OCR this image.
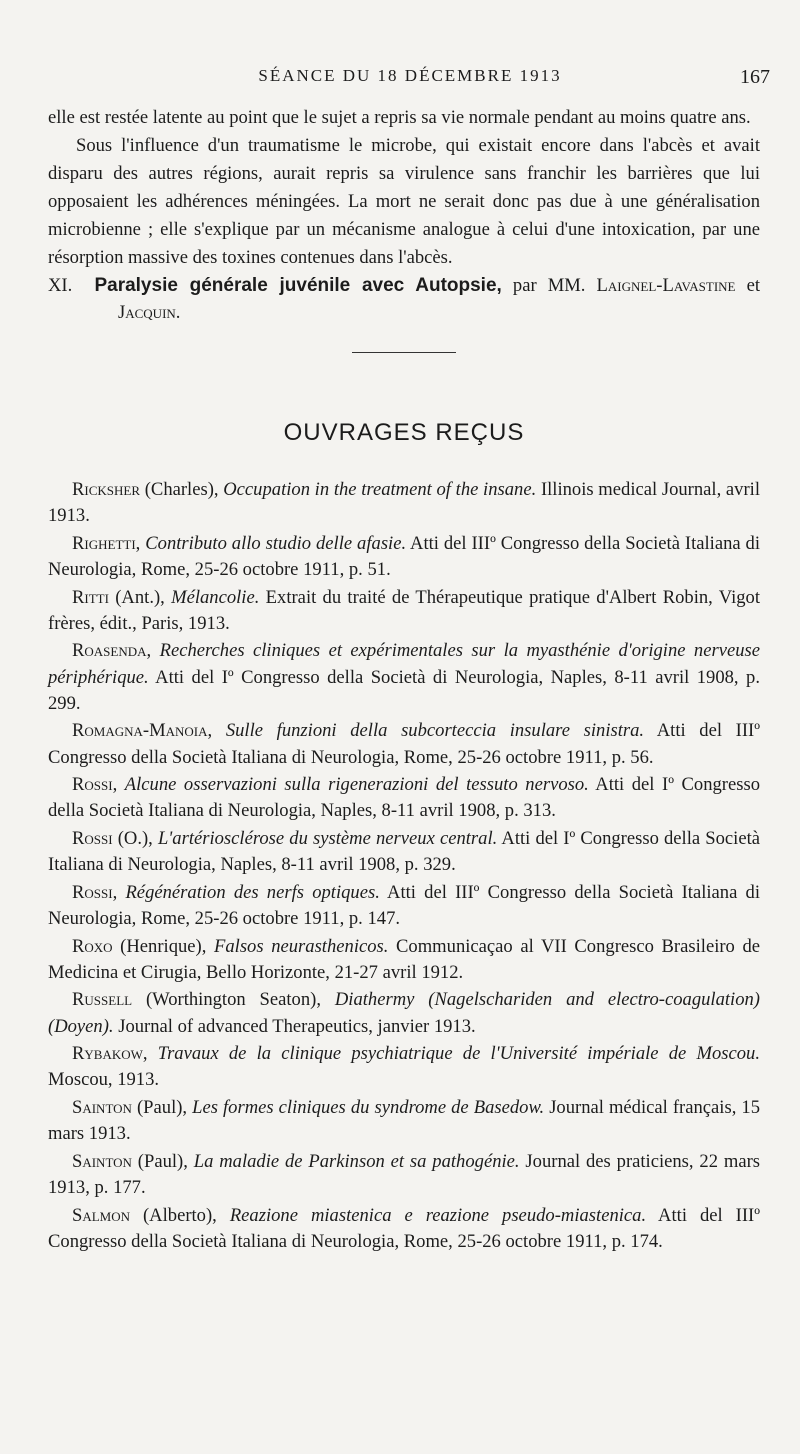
SÉANCE DU 18 DÉCEMBRE 1913	167

elle est restée latente au point que le sujet a repris sa vie normale pendant au moins quatre ans.

Sous l'influence d'un traumatisme le microbe, qui existait encore dans l'abcès et avait disparu des autres régions, aurait repris sa virulence sans franchir les barrières que lui opposaient les adhérences méningées. La mort ne serait donc pas due à une généralisation microbienne ; elle s'explique par un mécanisme analogue à celui d'une intoxication, par une résorption massive des toxines contenues dans l'abcès.

XI. Paralysie générale juvénile avec Autopsie, par MM. Laignel-Lavastine et Jacquin.

OUVRAGES REÇUS

Ricksher (Charles), Occupation in the treatment of the insane. Illinois medical Journal, avril 1913.

Righetti, Contributo allo studio delle afasie. Atti del IIIº Congresso della Società Italiana di Neurologia, Rome, 25-26 octobre 1911, p. 51.

Ritti (Ant.), Mélancolie. Extrait du traité de Thérapeutique pratique d'Albert Robin, Vigot frères, édit., Paris, 1913.

Roasenda, Recherches cliniques et expérimentales sur la myasthénie d'origine nerveuse périphérique. Atti del Iº Congresso della Società di Neurologia, Naples, 8-11 avril 1908, p. 299.

Romagna-Manoia, Sulle funzioni della subcorteccia insulare sinistra. Atti del IIIº Congresso della Società Italiana di Neurologia, Rome, 25-26 octobre 1911, p. 56.

Rossi, Alcune osservazioni sulla rigenerazioni del tessuto nervoso. Atti del Iº Congresso della Società Italiana di Neurologia, Naples, 8-11 avril 1908, p. 313.

Rossi (O.), L'artériosclérose du système nerveux central. Atti del Iº Congresso della Società Italiana di Neurologia, Naples, 8-11 avril 1908, p. 329.

Rossi, Régénération des nerfs optiques. Atti del IIIº Congresso della Società Italiana di Neurologia, Rome, 25-26 octobre 1911, p. 147.

Roxo (Henrique), Falsos neurasthenicos. Communicaçao al VII Congresco Brasileiro de Medicina et Cirugia, Bello Horizonte, 21-27 avril 1912.

Russell (Worthington Seaton), Diathermy (Nagelscharidеn and electro-coagulation) (Doyen). Journal of advanced Therapeutics, janvier 1913.

Rybakow, Travaux de la clinique psychiatrique de l'Université impériale de Moscou. Moscou, 1913.

Sainton (Paul), Les formes cliniques du syndrome de Basedow. Journal médical français, 15 mars 1913.

Sainton (Paul), La maladie de Parkinson et sa pathogénie. Journal des praticiens, 22 mars 1913, p. 177.

Salmon (Alberto), Reazione miastenica e reazione pseudo-miastenica. Atti del IIIº Congresso della Società Italiana di Neurologia, Rome, 25-26 octobre 1911, p. 174.
